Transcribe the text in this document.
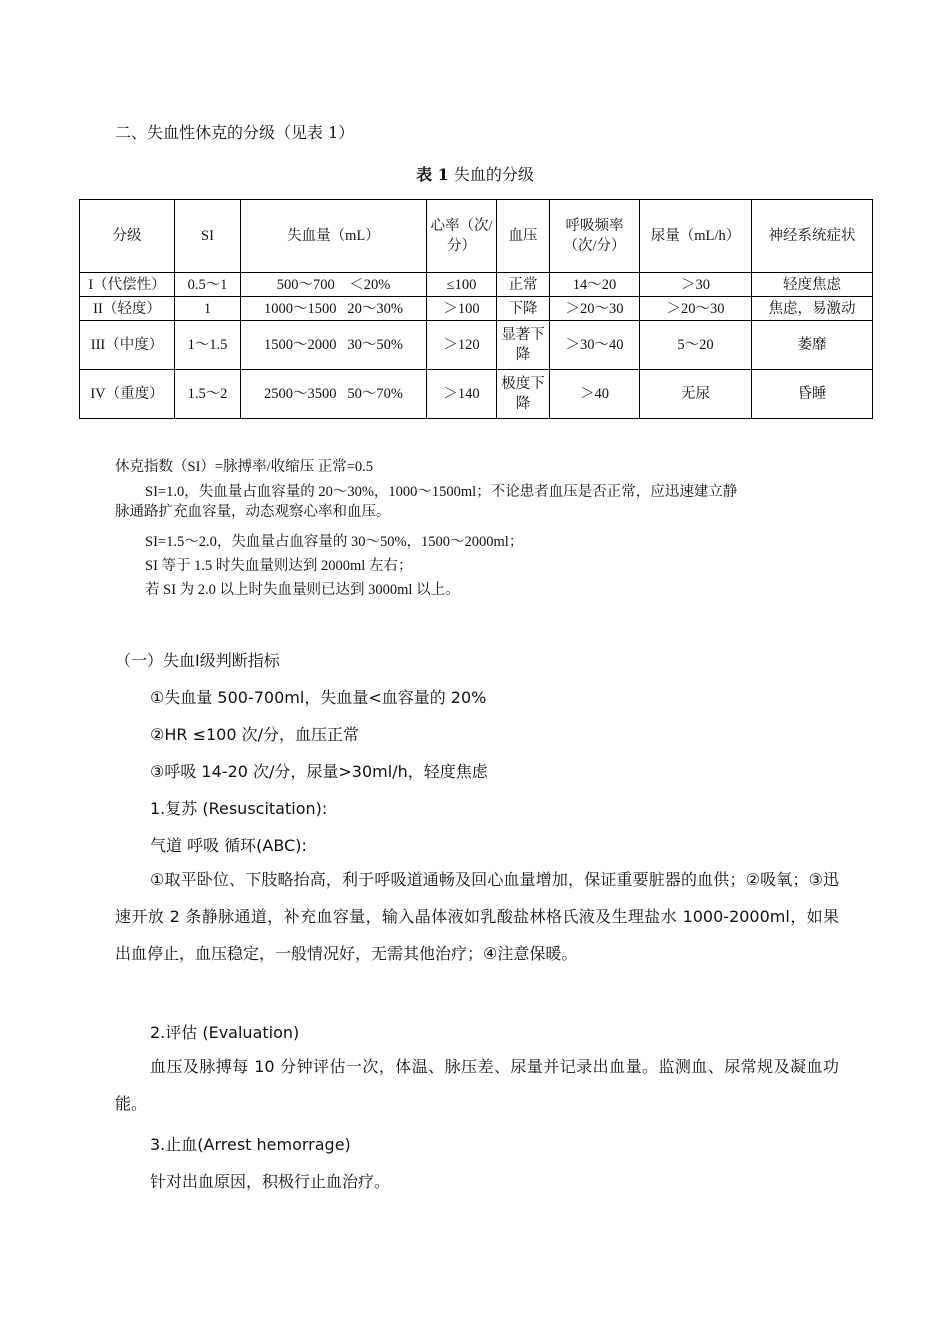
二、失血性休克的分级（见表 1）
表 1 失血的分级
分级	SI	失血量（mL）	心率（次/分）	血压	呼吸频率（次/分）	尿量（mL/h）	神经系统症状
I（代偿性）	0.5～1	500～700 ＜20%	≤100	正常	14～20	＞30	轻度焦虑
II（轻度）	1	1000～1500 20～30%	＞100	下降	＞20～30	＞20～30	焦虑，易激动
III（中度）	1～1.5	1500～2000 30～50%	＞120	显著下降	＞30～40	5～20	萎靡
IV（重度）	1.5～2	2500～3500 50～70%	＞140	极度下降	＞40	无尿	昏睡
休克指数（SI）=脉搏率/收缩压 正常=0.5
SI=1.0，失血量占血容量的 20～30%，1000～1500ml；不论患者血压是否正常，应迅速建立静
脉通路扩充血容量，动态观察心率和血压。
SI=1.5～2.0，失血量占血容量的 30～50%，1500～2000ml；
SI 等于 1.5 时失血量则达到 2000ml 左右；
若 SI 为 2.0 以上时失血量则已达到 3000ml 以上。
（一）失血Ⅰ级判断指标
①失血量 500-700ml，失血量<血容量的 20%
②HR ≤100 次/分，血压正常
③呼吸 14-20 次/分，尿量>30ml/h，轻度焦虑
1.复苏 (Resuscitation):
气道 呼吸 循环(ABC):
①取平卧位、下肢略抬高，利于呼吸道通畅及回心血量增加，保证重要脏器的血供；②吸氧；③迅速开放 2 条静脉通道，补充血容量，输入晶体液如乳酸盐林格氏液及生理盐水 1000-2000ml，如果出血停止，血压稳定，一般情况好，无需其他治疗；④注意保暖。
2.评估 (Evaluation)
血压及脉搏每 10 分钟评估一次，体温、脉压差、尿量并记录出血量。监测血、尿常规及凝血功能。
3.止血(Arrest hemorrage)
针对出血原因，积极行止血治疗。
